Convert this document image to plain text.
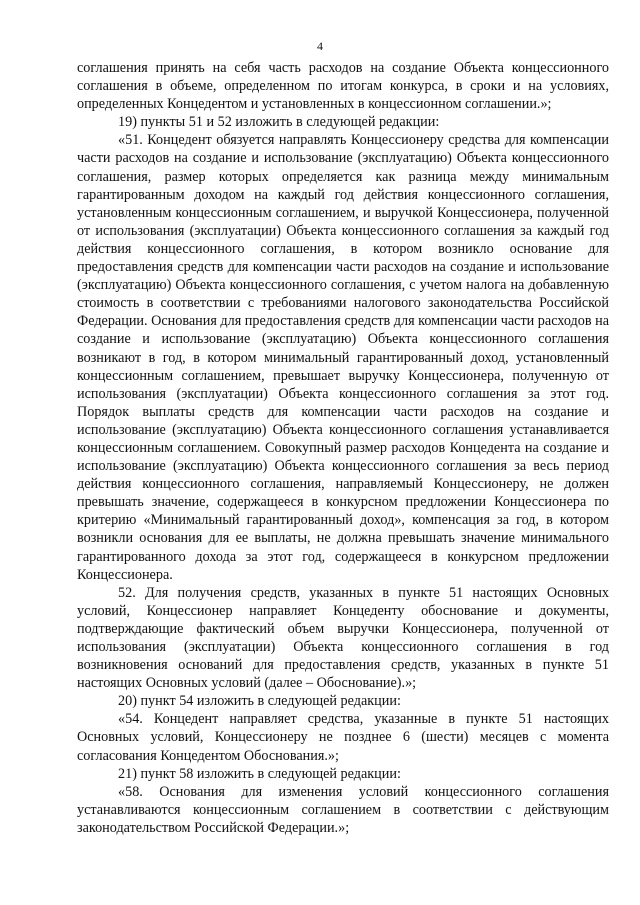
4

соглашения принять на себя часть расходов на создание Объекта концессионного соглашения в объеме, определенном по итогам конкурса, в сроки и на условиях, определенных Концедентом и установленных в концессионном соглашении.»;

19) пункты 51 и 52 изложить в следующей редакции:

«51. Концедент обязуется направлять Концессионеру средства для компенсации части расходов на создание и использование (эксплуатацию) Объекта концессионного соглашения, размер которых определяется как разница между минимальным гарантированным доходом на каждый год действия концессионного соглашения, установленным концессионным соглашением, и выручкой Концессионера, полученной от использования (эксплуатации) Объекта концессионного соглашения за каждый год действия концессионного соглашения, в котором возникло основание для предоставления средств для компенсации части расходов на создание и использование (эксплуатацию) Объекта концессионного соглашения, с учетом налога на добавленную стоимость в соответствии с требованиями налогового законодательства Российской Федерации. Основания для предоставления средств для компенсации части расходов на создание и использование (эксплуатацию) Объекта концессионного соглашения возникают в год, в котором минимальный гарантированный доход, установленный концессионным соглашением, превышает выручку Концессионера, полученную от использования (эксплуатации) Объекта концессионного соглашения за этот год. Порядок выплаты средств для компенсации части расходов на создание и использование (эксплуатацию) Объекта концессионного соглашения устанавливается концессионным соглашением. Совокупный размер расходов Концедента на создание и использование (эксплуатацию) Объекта концессионного соглашения за весь период действия концессионного соглашения, направляемый Концессионеру, не должен превышать значение, содержащееся в конкурсном предложении Концессионера по критерию «Минимальный гарантированный доход», компенсация за год, в котором возникли основания для ее выплаты, не должна превышать значение минимального гарантированного дохода за этот год, содержащееся в конкурсном предложении Концессионера.

52. Для получения средств, указанных в пункте 51 настоящих Основных условий, Концессионер направляет Концеденту обоснование и документы, подтверждающие фактический объем выручки Концессионера, полученной от использования (эксплуатации) Объекта концессионного соглашения в год возникновения оснований для предоставления средств, указанных в пункте 51 настоящих Основных условий (далее – Обоснование).»;

20) пункт 54 изложить в следующей редакции:

«54. Концедент направляет средства, указанные в пункте 51 настоящих Основных условий, Концессионеру не позднее 6 (шести) месяцев с момента согласования Концедентом Обоснования.»;

21) пункт 58 изложить в следующей редакции:

«58. Основания для изменения условий концессионного соглашения устанавливаются концессионным соглашением в соответствии с действующим законодательством Российской Федерации.»;
